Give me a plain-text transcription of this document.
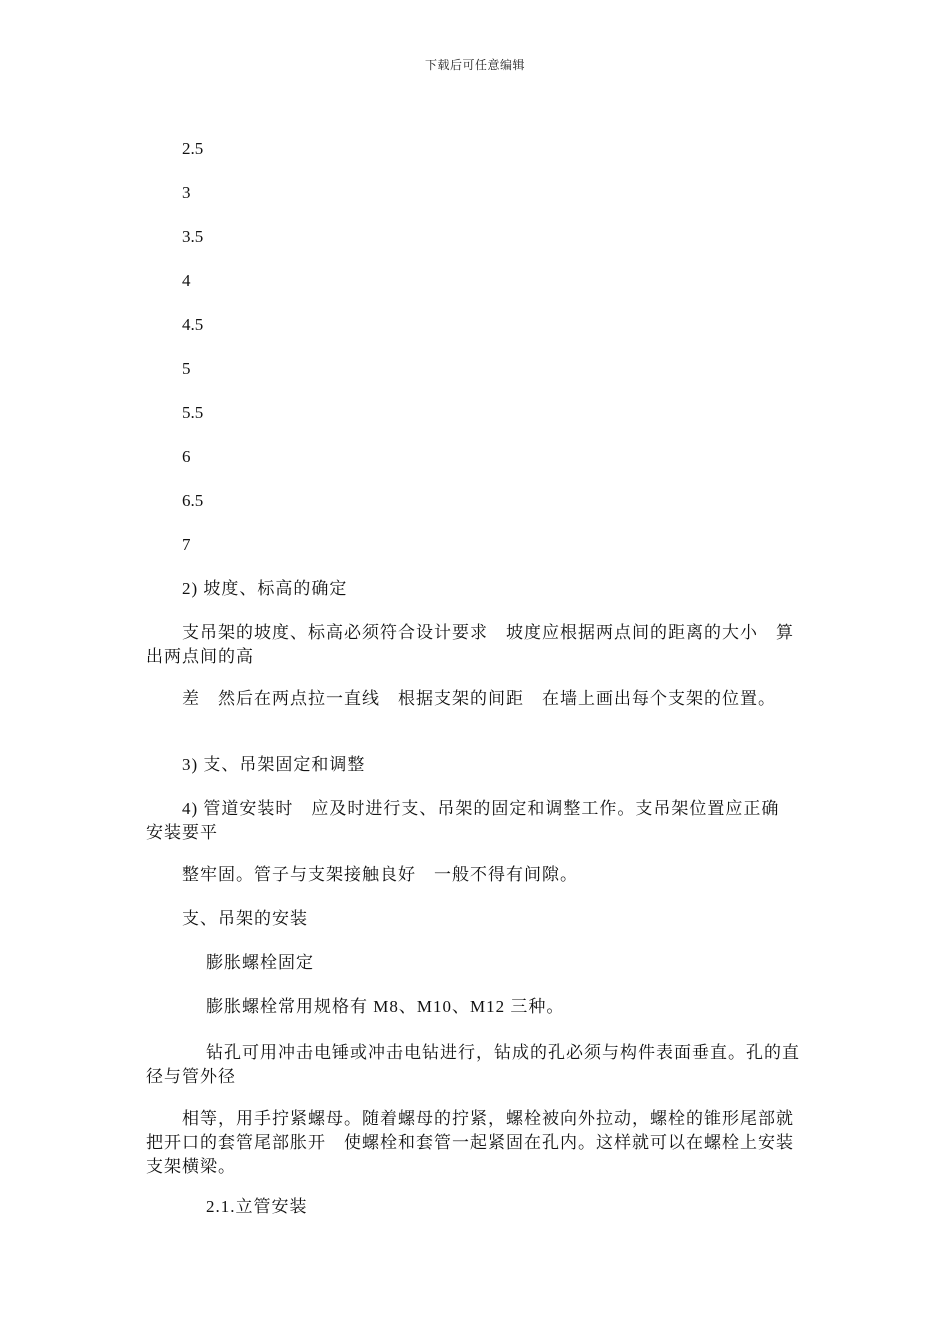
下载后可任意编辑
2.5
3
3.5
4
4.5
5
5.5
6
6.5
7
2) 坡度、标高的确定
支吊架的坡度、标高必须符合设计要求　坡度应根据两点间的距离的大小　算出两点间的高
差　然后在两点拉一直线　根据支架的间距　在墙上画出每个支架的位置。
3) 支、吊架固定和调整
4) 管道安装时　应及时进行支、吊架的固定和调整工作。支吊架位置应正确　安装要平
整牢固。管子与支架接触良好　一般不得有间隙。
支、吊架的安装
膨胀螺栓固定
膨胀螺栓常用规格有 M8、M10、M12 三种。
钻孔可用冲击电锤或冲击电钻进行，钻成的孔必须与构件表面垂直。孔的直径与管外径
相等，用手拧紧螺母。随着螺母的拧紧，螺栓被向外拉动，螺栓的锥形尾部就把开口的套管尾部胀开　使螺栓和套管一起紧固在孔内。这样就可以在螺栓上安装支架横梁。
2.1.立管安装
